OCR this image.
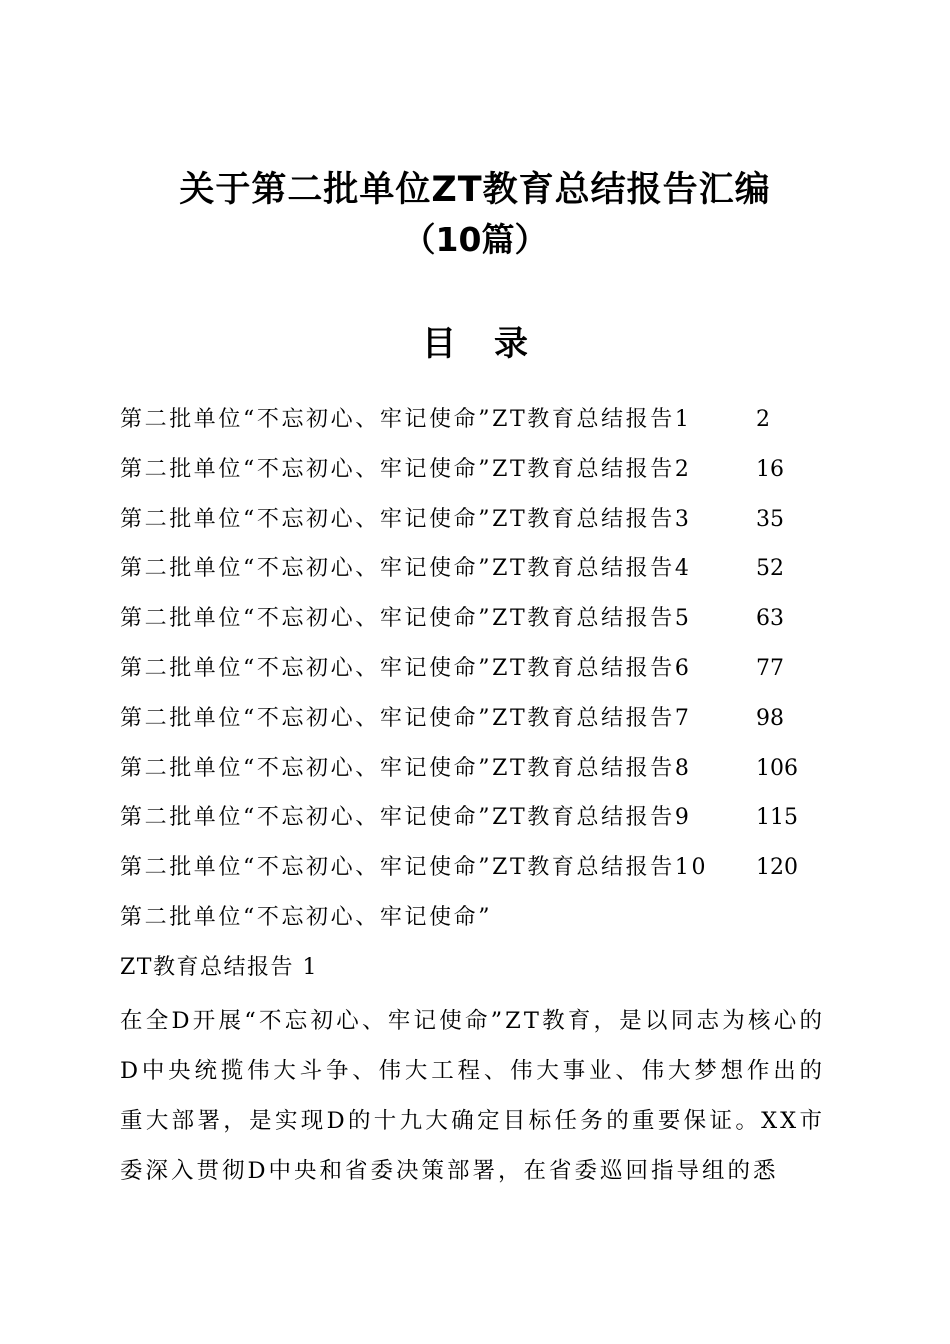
关于第二批单位ZT教育总结报告汇编
（10篇）
目录
第二批单位“不忘初心、牢记使命”ZT教育总结报告1	2
第二批单位“不忘初心、牢记使命”ZT教育总结报告2	16
第二批单位“不忘初心、牢记使命”ZT教育总结报告3	35
第二批单位“不忘初心、牢记使命”ZT教育总结报告4	52
第二批单位“不忘初心、牢记使命”ZT教育总结报告5	63
第二批单位“不忘初心、牢记使命”ZT教育总结报告6	77
第二批单位“不忘初心、牢记使命”ZT教育总结报告7	98
第二批单位“不忘初心、牢记使命”ZT教育总结报告8	106
第二批单位“不忘初心、牢记使命”ZT教育总结报告9	115
第二批单位“不忘初心、牢记使命”ZT教育总结报告10	120
第二批单位“不忘初心、牢记使命”
ZT教育总结报告 1

在全D开展“不忘初心、牢记使命”ZT教育，是以同志为核心的D中央统揽伟大斗争、伟大工程、伟大事业、伟大梦想作出的重大部署，是实现D的十九大确定目标任务的重要保证。XX市委深入贯彻D中央和省委决策部署，在省委巡回指导组的悉
